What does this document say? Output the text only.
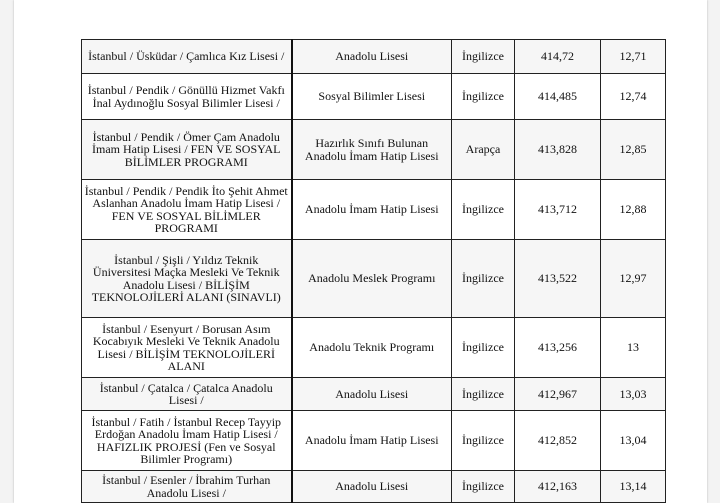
İstanbul / Üsküdar / Çamlıca Kız Lisesi /	Anadolu Lisesi	İngilizce	414,72	12,71
İstanbul / Pendik / Gönüllü Hizmet Vakfı İnal Aydınoğlu Sosyal Bilimler Lisesi /	Sosyal Bilimler Lisesi	İngilizce	414,485	12,74
İstanbul / Pendik / Ömer Çam Anadolu İmam Hatip Lisesi / FEN VE SOSYAL BİLİMLER PROGRAMI	Hazırlık Sınıfı Bulunan Anadolu İmam Hatip Lisesi	Arapça	413,828	12,85
İstanbul / Pendik / Pendik İto Şehit Ahmet Aslanhan Anadolu İmam Hatip Lisesi / FEN VE SOSYAL BİLİMLER PROGRAMI	Anadolu İmam Hatip Lisesi	İngilizce	413,712	12,88
İstanbul / Şişli / Yıldız Teknik Üniversitesi Maçka Mesleki Ve Teknik Anadolu Lisesi / BİLİŞİM TEKNOLOJİLERİ ALANI (SINAVLI)	Anadolu Meslek Programı	İngilizce	413,522	12,97
İstanbul / Esenyurt / Borusan Asım Kocabıyık Mesleki Ve Teknik Anadolu Lisesi / BİLİŞİM TEKNOLOJİLERİ ALANI	Anadolu Teknik Programı	İngilizce	413,256	13
İstanbul / Çatalca / Çatalca Anadolu Lisesi /	Anadolu Lisesi	İngilizce	412,967	13,03
İstanbul / Fatih / İstanbul Recep Tayyip Erdoğan Anadolu İmam Hatip Lisesi / HAFIZLIK PROJESİ (Fen ve Sosyal Bilimler Programı)	Anadolu İmam Hatip Lisesi	İngilizce	412,852	13,04
İstanbul / Esenler / İbrahim Turhan Anadolu Lisesi /	Anadolu Lisesi	İngilizce	412,163	13,14
